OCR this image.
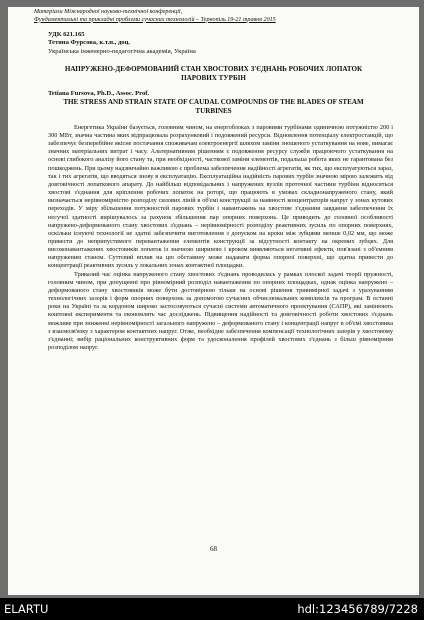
Матеріали Міжнародної науково-технічної конференції,
Фундаментальні та прикладні проблеми сучасних технологій – Тернопіль 19-21 травня 2015
УДК 621.165
Тетяна Фурсова, к.т.н., доц.
Українська інженерно-педагогічна академія, Україна
НАПРУЖЕНО-ДЕФОРМОВАНИЙ СТАН ХВОСТОВИХ З'ЄДНАНЬ РОБОЧИХ ЛОПАТОК ПАРОВИХ ТУРБІН
Tetiana Fursova, Ph.D., Assoc. Prof.
THE STRESS AND STRAIN STATE OF CAUDAL COMPOUNDS OF THE BLADES OF STEAM TURBINES

Енергетика України базується, головним чином, на енергоблоках з паровими турбінами одиничною потужністю 200 і 300 МВт, значна частина яких відпрацювала розрахунковий і подовжений ресурси. Відновлення потенціалу електростанцій, що забезпечує безперебійне якісне постачання споживачам електроенергії шляхом заміни зношеного устаткування на нове, вимагає значних матеріальних витрат і часу. Альтернативним рішенням є подовження ресурсу служби працюючого устаткування на основі глибокого аналізу його стану та, при необхідності, часткової заміни елементів, подальша робота яких не гарантована без пошкоджень. При цьому надзвичайно важливою є проблема забезпечення надійності агрегатів, як тих, що експлуатуються зараз, так і тих агрегатів, що вводяться знову в експлуатацію. Експлуатаційна надійність парових турбін значною мірою залежить від довговічності лопаткового апарату. До найбільш відповідальних і напружених вузлів проточної частини турбіни відносяться хвостові з'єднання для кріплення робочих лопаток на роторі, що працюють в умовах складнонапруженого стану, який визначається нерівномірністю розподілу силових ліній в об'ємі конструкції за наявності концентраторів напруг у зонах кутових переходів. У міру збільшення потужностей парових турбін і навантажень на хвостове з'єднання завдання забезпечення їх несучої здатності вирішувалось за рахунок збільшення пар опорних поверхонь. Це приводить до головної особливості напружено-деформованого стану хвостових з'єднань – нерівномірності розподілу реактивних зусиль по опорних поверхнях, оскільки існуючі технології не здатні забезпечити виготовлення з допуском на кроки між зубцями менше 0,02 мм, що може привести до неприпустимого перевантаження елементів конструкції за відсутності контакту на окремих зубцях. Для високонавантажених хвостовиків лопаток із значною шириною і кроком виявляються негативні ефекти, пов'язані з об'ємним напруженим станом. Суттєвий вплив на цю обставину може надавати форма опорної поверхні, що здатна привести до концентрації реактивних зусиль у локальних зонах контактної площадки.

Тривалий час оцінка напруженого стану хвостових з'єднань проводилась у рамках плоскої задачі теорії пружності, головним чином, при допущенні про рівномірний розподіл навантаження по опорних площадках, однак оцінка напружено – деформованого стану хвостовиків може бути достовірною тільки на основі рішення тривимірної задачі з урахуванням технологічних зазорів і форм опорних поверхонь за допомогою сучасних обчислювальних комплексів та програм. В останні роки на Україні та за кордоном широко застосовуються сучасні системи автоматичного проектування (САПР), які замінюють коштовні експерименти та економлять час досліджень. Підвищення надійності та довговічності роботи хвостових з'єднань можливе при зниженні нерівномірності загального напружено – деформованого стану і концентрації напруг в об'ємі хвостовика з взаємозв'язку з характером контактних напруг. Отже, необхідне забезпечення компенсації технологічних зазорів у хвостовому з'єднанні; вибір раціональних конструктивних форм та удосконалення профілей хвостових з'єднань з більш рівномірним розподілом напруг.

68
ELARTU	hdl:123456789/7228
